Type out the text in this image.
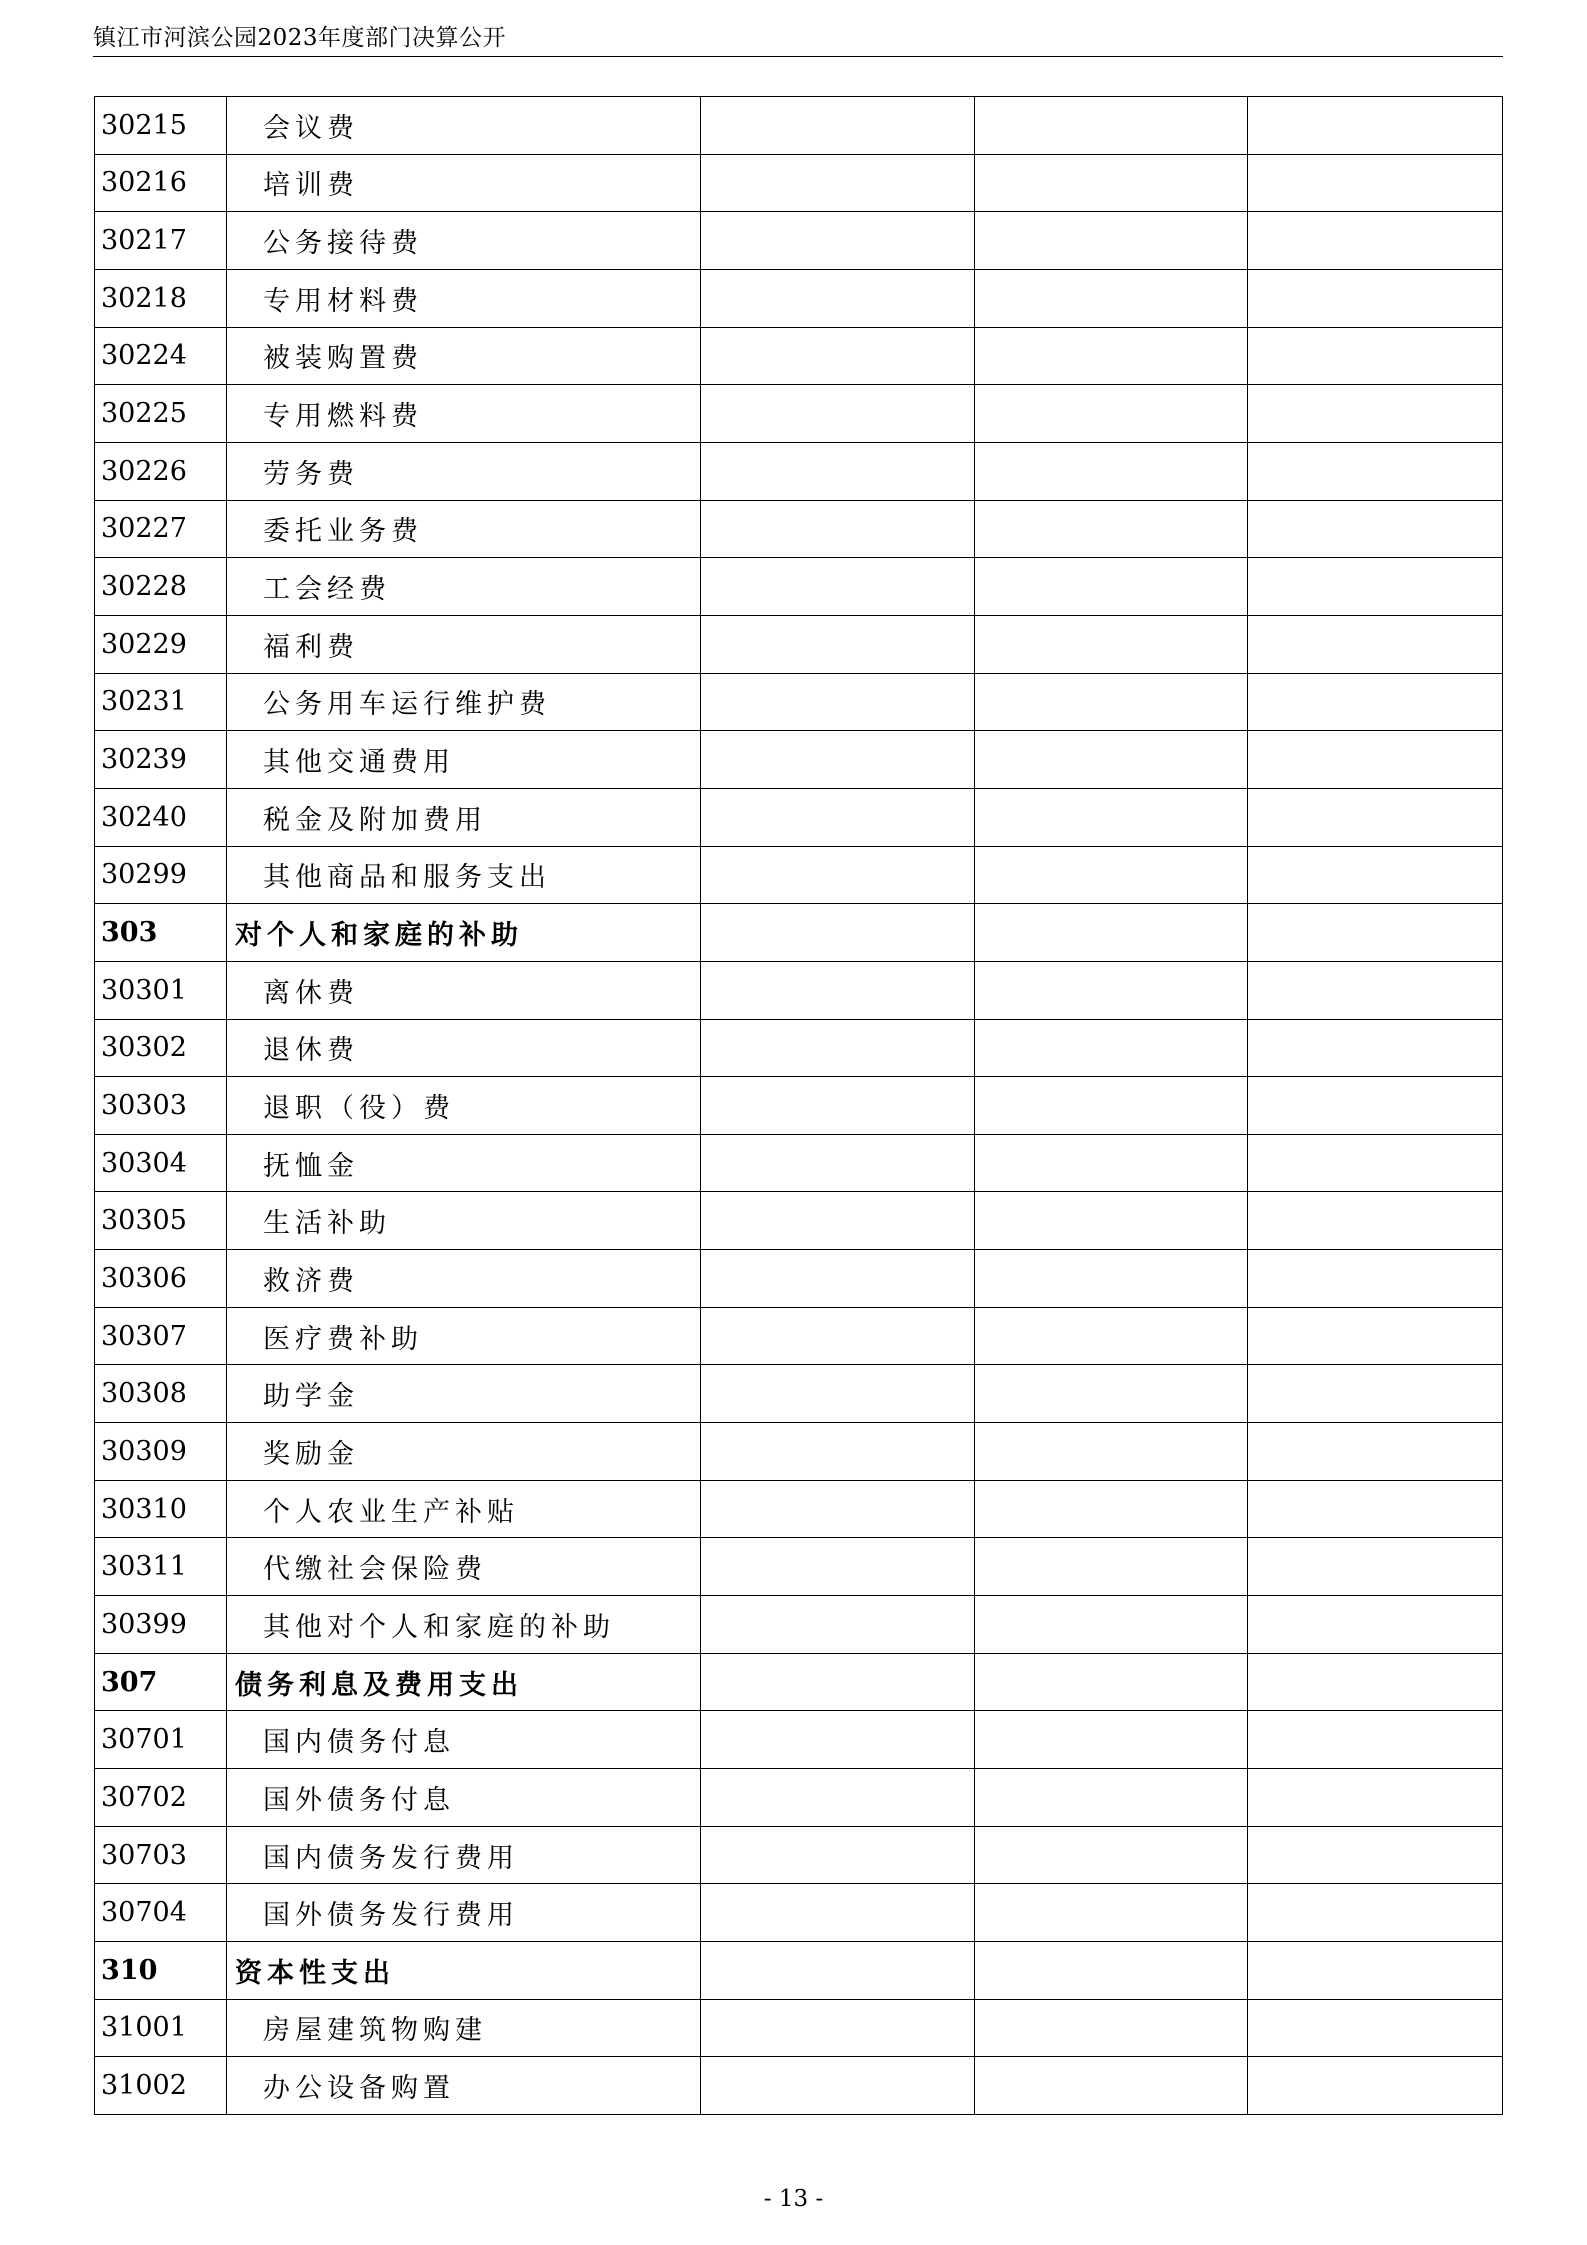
镇江市河滨公园2023年度部门决算公开
30215	会议费			
30216	培训费			
30217	公务接待费			
30218	专用材料费			
30224	被装购置费			
30225	专用燃料费			
30226	劳务费			
30227	委托业务费			
30228	工会经费			
30229	福利费			
30231	公务用车运行维护费			
30239	其他交通费用			
30240	税金及附加费用			
30299	其他商品和服务支出			
303	对个人和家庭的补助			
30301	离休费			
30302	退休费			
30303	退职（役）费			
30304	抚恤金			
30305	生活补助			
30306	救济费			
30307	医疗费补助			
30308	助学金			
30309	奖励金			
30310	个人农业生产补贴			
30311	代缴社会保险费			
30399	其他对个人和家庭的补助			
307	债务利息及费用支出			
30701	国内债务付息			
30702	国外债务付息			
30703	国内债务发行费用			
30704	国外债务发行费用			
310	资本性支出			
31001	房屋建筑物购建			
31002	办公设备购置			
- 13 -
